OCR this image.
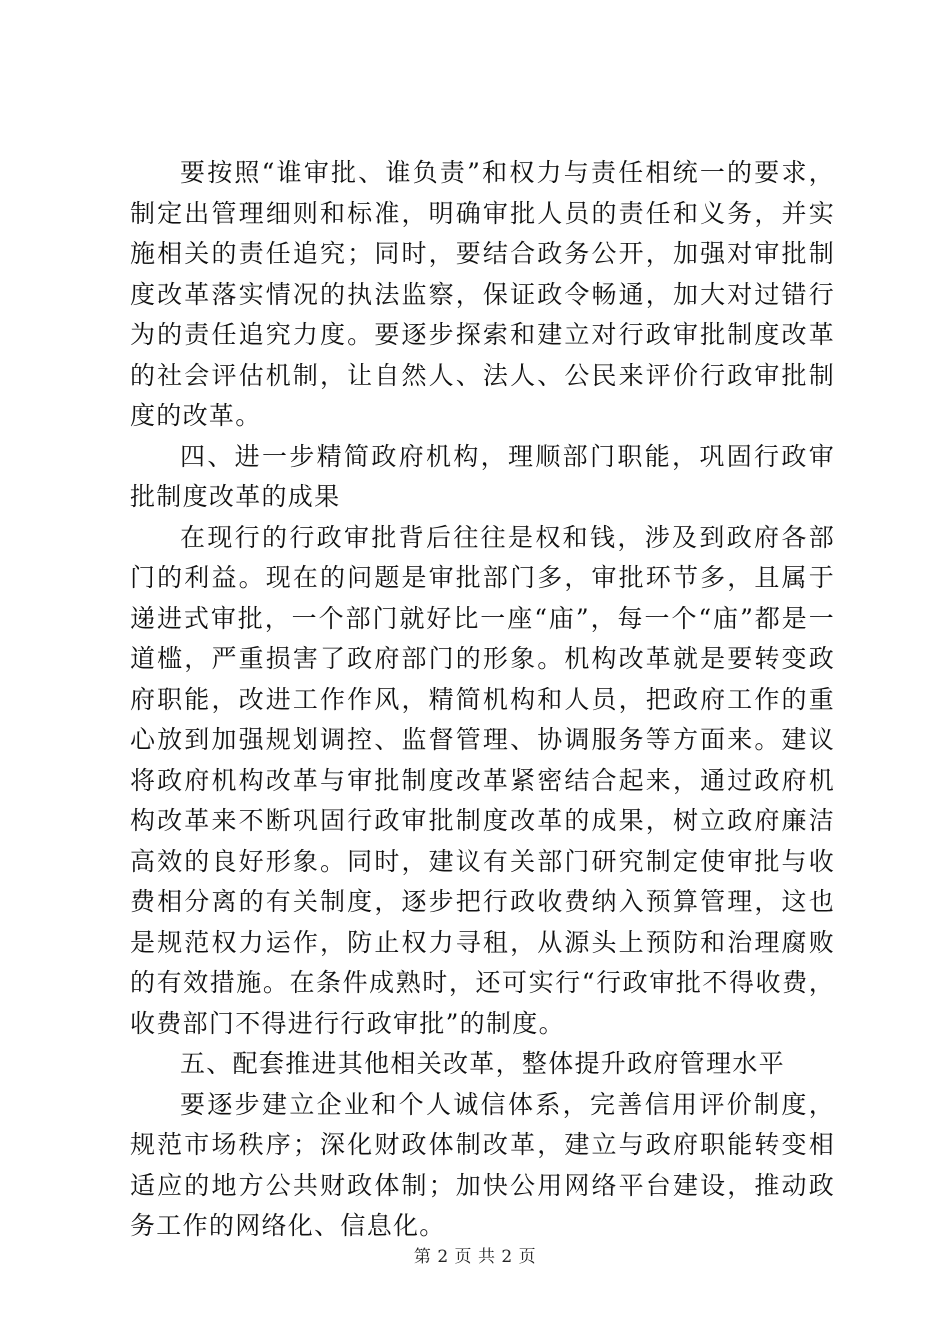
要按照“谁审批、谁负责”和权力与责任相统一的要求，制定出管理细则和标准，明确审批人员的责任和义务，并实施相关的责任追究；同时，要结合政务公开，加强对审批制度改革落实情况的执法监察，保证政令畅通，加大对过错行为的责任追究力度。要逐步探索和建立对行政审批制度改革的社会评估机制，让自然人、法人、公民来评价行政审批制度的改革。

四、进一步精简政府机构，理顺部门职能，巩固行政审批制度改革的成果

在现行的行政审批背后往往是权和钱，涉及到政府各部门的利益。现在的问题是审批部门多，审批环节多，且属于递进式审批，一个部门就好比一座“庙”，每一个“庙”都是一道槛，严重损害了政府部门的形象。机构改革就是要转变政府职能，改进工作作风，精简机构和人员，把政府工作的重心放到加强规划调控、监督管理、协调服务等方面来。建议将政府机构改革与审批制度改革紧密结合起来，通过政府机构改革来不断巩固行政审批制度改革的成果，树立政府廉洁高效的良好形象。同时，建议有关部门研究制定使审批与收费相分离的有关制度，逐步把行政收费纳入预算管理，这也是规范权力运作，防止权力寻租，从源头上预防和治理腐败的有效措施。在条件成熟时，还可实行“行政审批不得收费，收费部门不得进行行政审批”的制度。

五、配套推进其他相关改革，整体提升政府管理水平

要逐步建立企业和个人诚信体系，完善信用评价制度，规范市场秩序；深化财政体制改革，建立与政府职能转变相适应的地方公共财政体制；加快公用网络平台建设，推动政务工作的网络化、信息化。

第 2 页 共 2 页
